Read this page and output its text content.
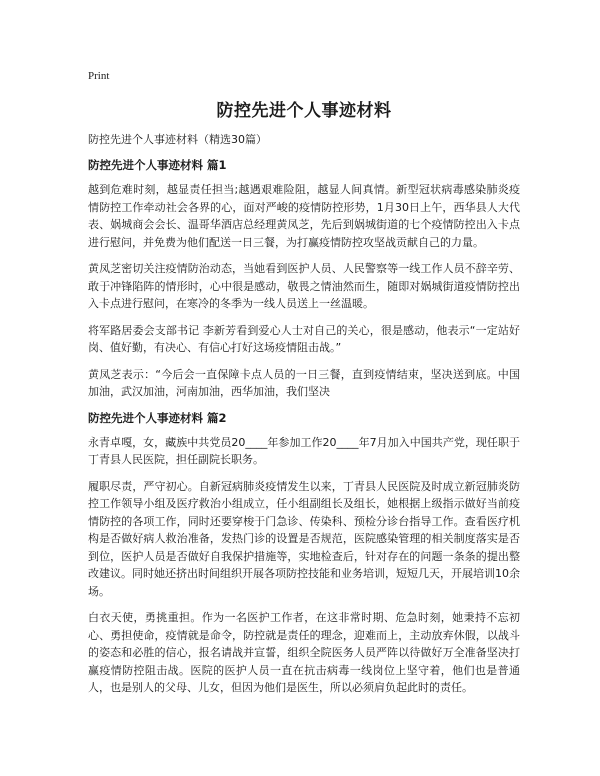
Print
防控先进个人事迹材料
防控先进个人事迹材料（精选30篇）
防控先进个人事迹材料 篇1

越到危难时刻，越显责任担当;越遇艰难险阻，越显人间真情。新型冠状病毒感染肺炎疫情防控工作牵动社会各界的心，面对严峻的疫情防控形势，1月30日上午，西华县人大代表、娲城商会会长、温哥华酒店总经理黄凤芝，先后到娲城街道的七个疫情防控出入卡点进行慰问，并免费为他们配送一日三餐，为打赢疫情防控攻坚战贡献自己的力量。

黄凤芝密切关注疫情防治动态，当她看到医护人员、人民警察等一线工作人员不辞辛劳、敢于冲锋陷阵的情形时，心中很是感动，敬畏之情油然而生，随即对娲城街道疫情防控出入卡点进行慰问，在寒冷的冬季为一线人员送上一丝温暖。

将军路居委会支部书记 李新芳看到爱心人士对自己的关心，很是感动，他表示“一定站好岗、值好勤，有决心、有信心打好这场疫情阻击战。”

黄凤芝表示：“今后会一直保障卡点人员的一日三餐，直到疫情结束，坚决送到底。中国加油，武汉加油，河南加油，西华加油，我们坚决

防控先进个人事迹材料 篇2

永青卓嘎，女，藏族中共党员20____年参加工作20____年7月加入中国共产党，现任职于丁青县人民医院，担任副院长职务。

履职尽责，严守初心。自新冠病肺炎疫情发生以来，丁青县人民医院及时成立新冠肺炎防控工作领导小组及医疗救治小组成立，任小组副组长及组长，她根据上级指示做好当前疫情防控的各项工作，同时还要穿梭于门急诊、传染科、预检分诊台指导工作。查看医疗机构是否做好病人救治准备，发热门诊的设置是否规范，医院感染管理的相关制度落实是否到位，医护人员是否做好自我保护措施等，实地检查后，针对存在的问题一条条的提出整改建议。同时她还挤出时间组织开展各项防控技能和业务培训，短短几天，开展培训10余场。

白衣天使，勇挑重担。作为一名医护工作者，在这非常时期、危急时刻，她秉持不忘初心、勇担使命，疫情就是命令，防控就是责任的理念，迎难而上，主动放弃休假，以战斗的姿态和必胜的信心，报名请战并宣誓，组织全院医务人员严阵以待做好万全准备坚决打赢疫情防控阻击战。医院的医护人员一直在抗击病毒一线岗位上坚守着，他们也是普通人，也是别人的父母、儿女，但因为他们是医生，所以必须肩负起此时的责任。
